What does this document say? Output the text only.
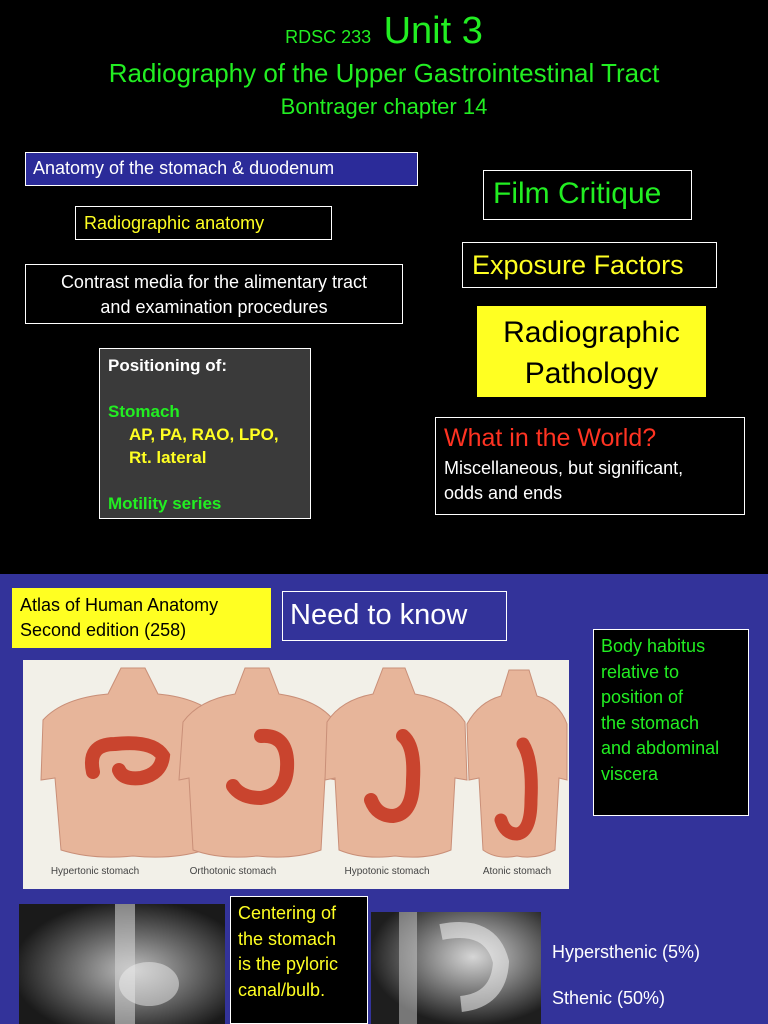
RDSC 233 Unit 3
Radiography of the Upper Gastrointestinal Tract
Bontrager chapter 14
Anatomy of the stomach & duodenum
Radiographic anatomy
Contrast media for the alimentary tract
and examination procedures
Positioning of:
Stomach
AP, PA, RAO, LPO,
Rt. lateral
Motility series
Film Critique
Exposure Factors
Radiographic
Pathology
What in the World?
Miscellaneous, but significant,
odds and ends
Atlas of Human Anatomy
Second edition (258)	Need to know
Hypertonic stomach	Orthotonic stomach	Hypotonic stomach	Atonic stomach
Body habitus
relative to
position of
the stomach
and abdominal
viscera
Centering of
the stomach
is the pyloric
canal/bulb.
Hypersthenic (5%)
Sthenic (50%)
